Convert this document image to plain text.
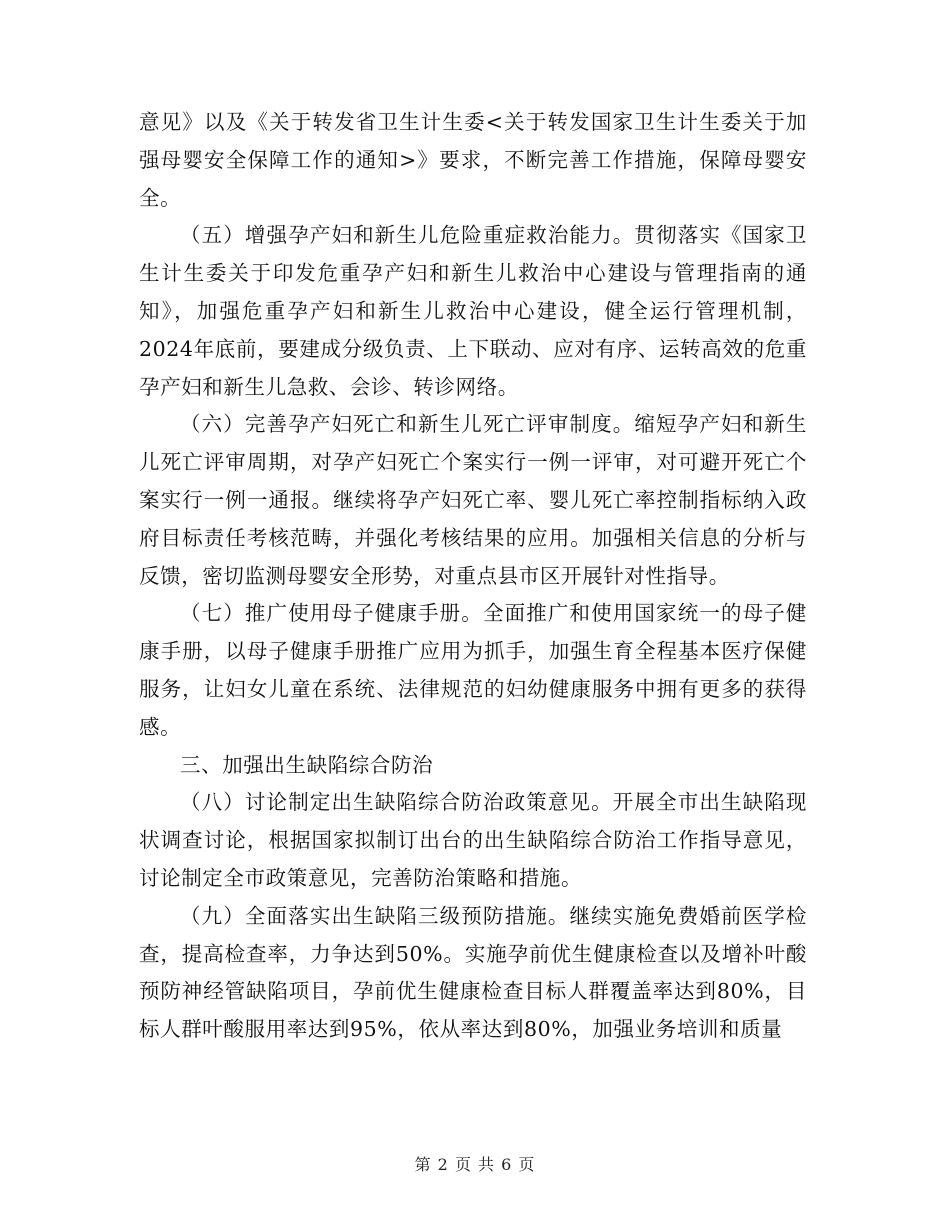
意见》以及《关于转发省卫生计生委<关于转发国家卫生计生委关于加强母婴安全保障工作的通知>》要求，不断完善工作措施，保障母婴安全。

（五）增强孕产妇和新生儿危险重症救治能力。贯彻落实《国家卫生计生委关于印发危重孕产妇和新生儿救治中心建设与管理指南的通知》，加强危重孕产妇和新生儿救治中心建设，健全运行管理机制，2024年底前，要建成分级负责、上下联动、应对有序、运转高效的危重孕产妇和新生儿急救、会诊、转诊网络。

（六）完善孕产妇死亡和新生儿死亡评审制度。缩短孕产妇和新生儿死亡评审周期，对孕产妇死亡个案实行一例一评审，对可避开死亡个案实行一例一通报。继续将孕产妇死亡率、婴儿死亡率控制指标纳入政府目标责任考核范畴，并强化考核结果的应用。加强相关信息的分析与反馈，密切监测母婴安全形势，对重点县市区开展针对性指导。

（七）推广使用母子健康手册。全面推广和使用国家统一的母子健康手册，以母子健康手册推广应用为抓手，加强生育全程基本医疗保健服务，让妇女儿童在系统、法律规范的妇幼健康服务中拥有更多的获得感。

三、加强出生缺陷综合防治

（八）讨论制定出生缺陷综合防治政策意见。开展全市出生缺陷现状调查讨论，根据国家拟制订出台的出生缺陷综合防治工作指导意见，讨论制定全市政策意见，完善防治策略和措施。

（九）全面落实出生缺陷三级预防措施。继续实施免费婚前医学检查，提高检查率，力争达到50%。实施孕前优生健康检查以及增补叶酸预防神经管缺陷项目，孕前优生健康检查目标人群覆盖率达到80%，目标人群叶酸服用率达到95%，依从率达到80%，加强业务培训和质量

第 2 页 共 6 页
